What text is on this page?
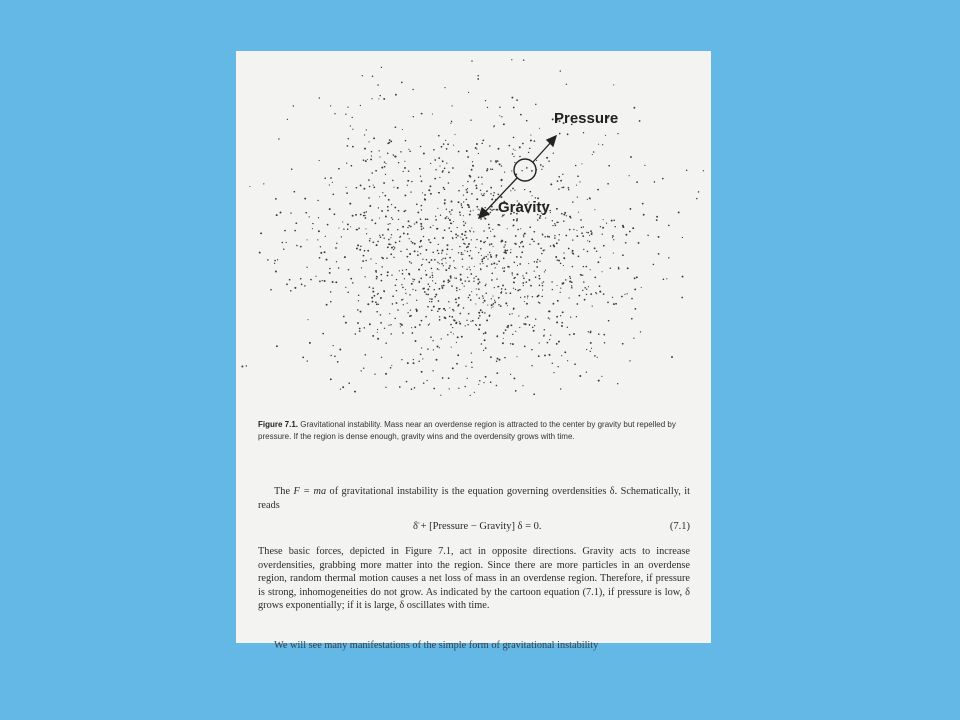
Pressure
Gravity
Figure 7.1. Gravitational instability. Mass near an overdense region is attracted to the center by gravity but repelled by pressure. If the region is dense enough, gravity wins and the overdensity grows with time.
The F = ma of gravitational instability is the equation governing overdensities δ. Schematically, it reads
δ̈ + [Pressure − Gravity] δ = 0.	(7.1)
These basic forces, depicted in Figure 7.1, act in opposite directions. Gravity acts to increase overdensities, grabbing more matter into the region. Since there are more particles in an overdense region, random thermal motion causes a net loss of mass in an overdense region. Therefore, if pressure is strong, inhomogeneities do not grow. As indicated by the cartoon equation (7.1), if pressure is low, δ grows exponentially; if it is large, δ oscillates with time.
We will see many manifestations of the simple form of gravitational instability
